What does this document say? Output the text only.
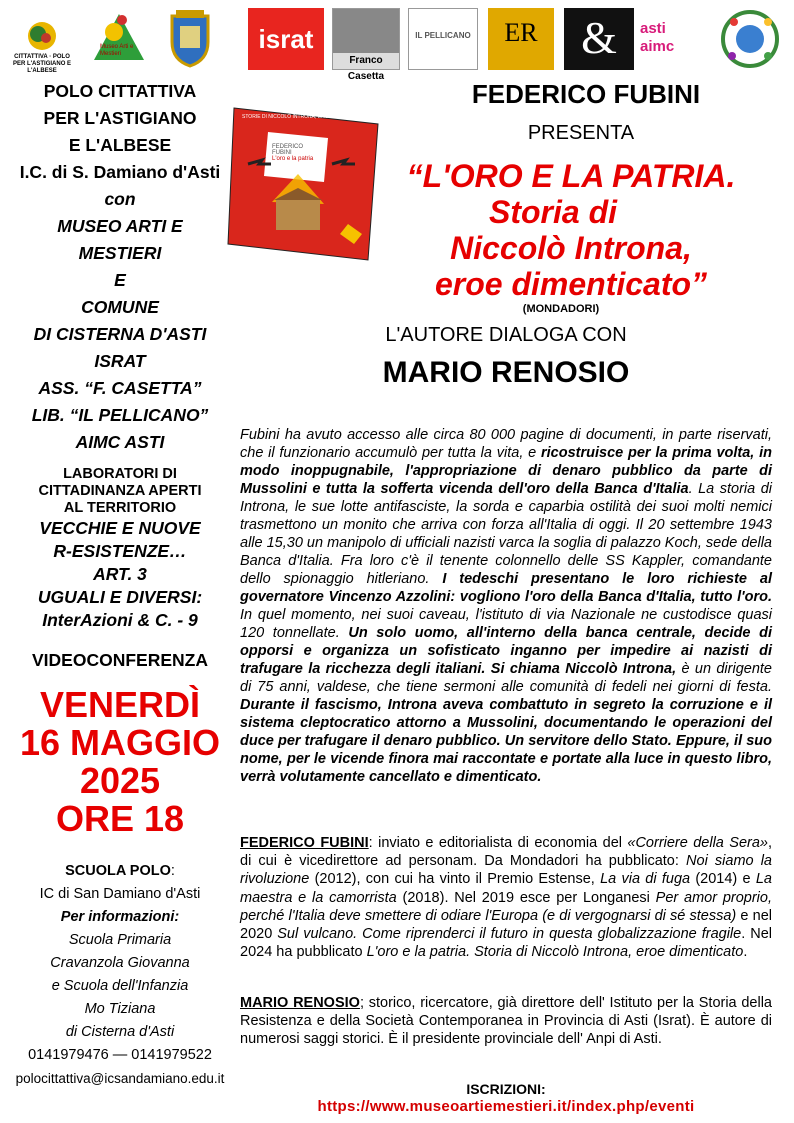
CITTATTIVA · POLO PER L'ASTIGIANO E L'ALBESE
Museo Arti e Mestieri	israt
Franco Casetta
IL PELLICANO	ER &	asti aimc
POLO CITTATTIVA
PER L'ASTIGIANO
E L'ALBESE
I.C. di S. Damiano d'Asti
con
MUSEO ARTI E
MESTIERI
E
COMUNE
DI CISTERNA D'ASTI
ISRAT
ASS. “F. CASETTA”
LIB. “IL PELLICANO”
AIMC ASTI
LABORATORI DI
CITTADINANZA APERTI
AL TERRITORIO
VECCHIE E NUOVE
R-ESISTENZE…
ART. 3
UGUALI E DIVERSI:
InterAzioni & C. - 9
VIDEOCONFERENZA
VENERDÌ
16 MAGGIO
2025
ORE 18
SCUOLA POLO:
IC di San Damiano d'Asti
Per informazioni:
Scuola Primaria
Cravanzola Giovanna
e Scuola dell'Infanzia
Mo Tiziana
di Cisterna d'Asti
0141979476 — 0141979522
polocittattiva@icsandamiano.edu.it
STORIE DI NICCOLÒ INTRONA, EROE DIMENTICATO
FEDERICO FUBINI
L'oro e la patria
FEDERICO FUBINI
PRESENTA
“L'ORO E LA PATRIA.
Storia di
Niccolò Introna,
eroe dimenticato”
(MONDADORI)
L'AUTORE DIALOGA CON
MARIO RENOSIO
Fubini ha avuto accesso alle circa 80 000 pagine di documenti, in parte riservati, che il funzionario accumulò per tutta la vita, e ricostruisce per la prima volta, in modo inoppugnabile, l'appropriazione di denaro pubblico da parte di Mussolini e tutta la sofferta vicenda dell'oro della Banca d'Italia. La storia di Introna, le sue lotte antifasciste, la sorda e caparbia ostilità dei suoi molti nemici trasmettono un monito che arriva con forza all'Italia di oggi. Il 20 settembre 1943 alle 15,30 un manipolo di ufficiali nazisti varca la soglia di palazzo Koch, sede della Banca d'Italia. Fra loro c'è il tenente colonnello delle SS Kappler, comandante dello spionaggio hitleriano. I tedeschi presentano le loro richieste al governatore Vincenzo Azzolini: vogliono l'oro della Banca d'Italia, tutto l'oro. In quel momento, nei suoi caveau, l'istituto di via Nazionale ne custodisce quasi 120 tonnellate. Un solo uomo, all'interno della banca centrale, decide di opporsi e organizza un sofisticato inganno per impedire ai nazisti di trafugare la ricchezza degli italiani. Si chiama Niccolò Introna, è un dirigente di 75 anni, valdese, che tiene sermoni alle comunità di fedeli nei giorni di festa. Durante il fascismo, Introna aveva combattuto in segreto la corruzione e il sistema cleptocratico attorno a Mussolini, documentando le operazioni del duce per trafugare il denaro pubblico. Un servitore dello Stato. Eppure, il suo nome, per le vicende finora mai raccontate e portate alla luce in questo libro, verrà volutamente cancellato e dimenticato.
FEDERICO FUBINI: inviato e editorialista di economia del «Corriere della Sera», di cui è vicedirettore ad personam. Da Mondadori ha pubblicato: Noi siamo la rivoluzione (2012), con cui ha vinto il Premio Estense, La via di fuga (2014) e La maestra e la camorrista (2018). Nel 2019 esce per Longanesi Per amor proprio, perché l'Italia deve smettere di odiare l'Europa (e di vergognarsi di sé stessa) e nel 2020 Sul vulcano. Come riprenderci il futuro in questa globalizzazione fragile. Nel 2024 ha pubblicato L'oro e la patria. Storia di Niccolò Introna, eroe dimenticato.
MARIO RENOSIO; storico, ricercatore, già direttore dell' Istituto per la Storia della Resistenza e della Società Contemporanea in Provincia di Asti (Israt). È autore di numerosi saggi storici. È il presidente provinciale dell' Anpi di Asti.
ISCRIZIONI:
https://www.museoartiemestieri.it/index.php/eventi
